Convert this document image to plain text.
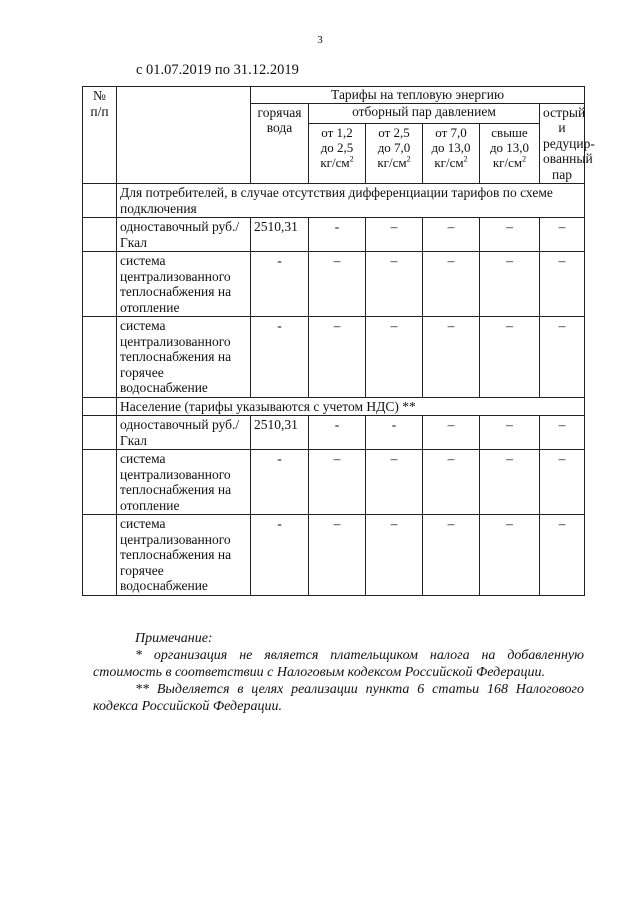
3
с 01.07.2019 по 31.12.2019
№
п/п		Тарифы на тепловую энергию					
		горячая вода	отборный пар давлением				острый и редуцир-ованный пар
			от 1,2
до 2,5
$кг/см^2$	от 2,5
до 7,0
$кг/см^2$	от 7,0
до 13,0
$кг/см^2$	свыше
до 13,0
$кг/см^2$
	Для потребителей, в случае отсутствия дифференциации тарифов по схеме подключения						
	одноставочный руб./Гкал	2510,31	-	–	–	–	–
	система централизованного теплоснабжения на отопление	-	–	–	–	–	–
	система централизованного теплоснабжения на горячее водоснабжение	-	–	–	–	–	–
	Население (тарифы указываются с учетом НДС) **						
	одноставочный руб./Гкал	2510,31	-	-	–	–	–
	система централизованного теплоснабжения на отопление	-	–	–	–	–	–
	система централизованного теплоснабжения на горячее водоснабжение	-	–	–	–	–	–

Примечание:

* организация не является плательщиком налога на добавленную стоимость в соответствии с Налоговым кодексом Российской Федерации.

** Выделяется в целях реализации пункта 6 статьи 168 Налогового кодекса Российской Федерации.
